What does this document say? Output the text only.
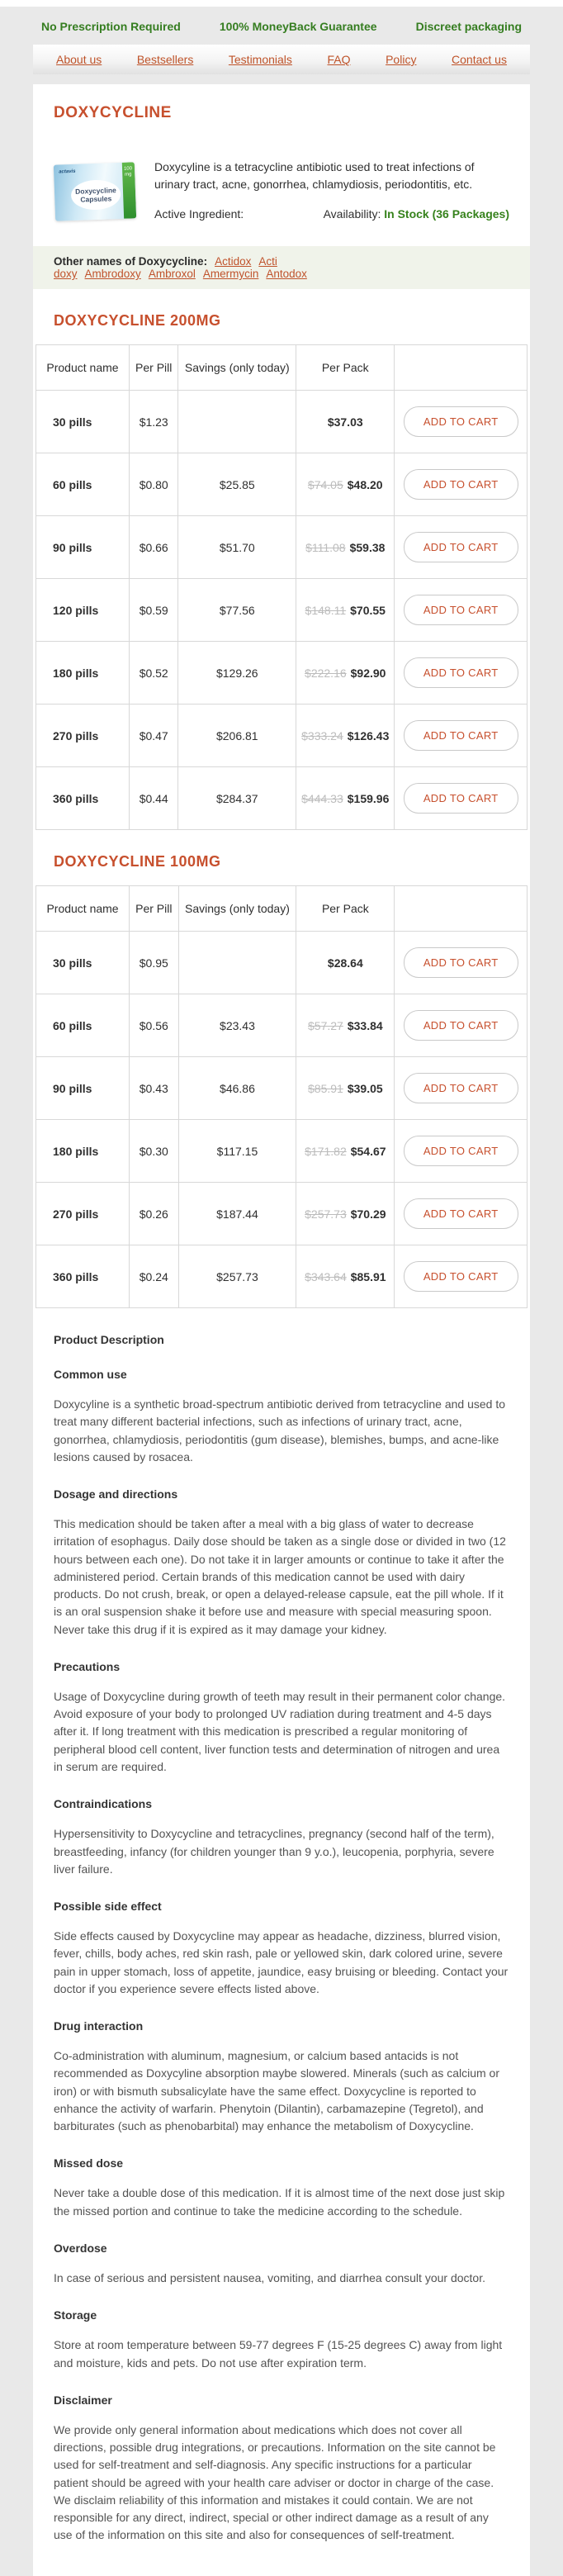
No Prescription Required	100% MoneyBack Guarantee	Discreet packaging
About us	Bestsellers	Testimonials	FAQ	Policy	Contact us
DOXYCYCLINE
actavis
100 mg
Doxycycline
Capsules

Doxycyline is a tetracycline antibiotic used to treat infections of urinary tract, acne, gonorrhea, chlamydiosis, periodontitis, etc.

Active Ingredient:	Availability: In Stock (36 Packages)
Other names of Doxycycline: Actidox Acti doxy Ambrodoxy Ambroxol Amermycin Antodox
DOXYCYCLINE 200MG
Product name	Per Pill	Savings (only today)	Per Pack	
30 pills	$1.23		$37.03	ADD TO CART
60 pills	$0.80	$25.85	$74.05 $48.20	ADD TO CART
90 pills	$0.66	$51.70	$111.08 $59.38	ADD TO CART
120 pills	$0.59	$77.56	$148.11 $70.55	ADD TO CART
180 pills	$0.52	$129.26	$222.16 $92.90	ADD TO CART
270 pills	$0.47	$206.81	$333.24 $126.43	ADD TO CART
360 pills	$0.44	$284.37	$444.33 $159.96	ADD TO CART
DOXYCYCLINE 100MG
Product name	Per Pill	Savings (only today)	Per Pack	
30 pills	$0.95		$28.64	ADD TO CART
60 pills	$0.56	$23.43	$57.27 $33.84	ADD TO CART
90 pills	$0.43	$46.86	$85.91 $39.05	ADD TO CART
180 pills	$0.30	$117.15	$171.82 $54.67	ADD TO CART
270 pills	$0.26	$187.44	$257.73 $70.29	ADD TO CART
360 pills	$0.24	$257.73	$343.64 $85.91	ADD TO CART
Product Description
Common use

Doxycyline is a synthetic broad-spectrum antibiotic derived from tetracycline and used to treat many different bacterial infections, such as infections of urinary tract, acne, gonorrhea, chlamydiosis, periodontitis (gum disease), blemishes, bumps, and acne-like lesions caused by rosacea.

Dosage and directions

This medication should be taken after a meal with a big glass of water to decrease irritation of esophagus. Daily dose should be taken as a single dose or divided in two (12 hours between each one). Do not take it in larger amounts or continue to take it after the administered period. Certain brands of this medication cannot be used with dairy products. Do not crush, break, or open a delayed-release capsule, eat the pill whole. If it is an oral suspension shake it before use and measure with special measuring spoon. Never take this drug if it is expired as it may damage your kidney.

Precautions

Usage of Doxycycline during growth of teeth may result in their permanent color change. Avoid exposure of your body to prolonged UV radiation during treatment and 4-5 days after it. If long treatment with this medication is prescribed a regular monitoring of peripheral blood cell content, liver function tests and determination of nitrogen and urea in serum are required.

Contraindications

Hypersensitivity to Doxycycline and tetracyclines, pregnancy (second half of the term), breastfeeding, infancy (for children younger than 9 y.o.), leucopenia, porphyria, severe liver failure.

Possible side effect

Side effects caused by Doxycycline may appear as headache, dizziness, blurred vision, fever, chills, body aches, red skin rash, pale or yellowed skin, dark colored urine, severe pain in upper stomach, loss of appetite, jaundice, easy bruising or bleeding. Contact your doctor if you experience severe effects listed above.

Drug interaction

Co-administration with aluminum, magnesium, or calcium based antacids is not recommended as Doxycyline absorption maybe slowered. Minerals (such as calcium or iron) or with bismuth subsalicylate have the same effect. Doxycycline is reported to enhance the activity of warfarin. Phenytoin (Dilantin), carbamazepine (Tegretol), and barbiturates (such as phenobarbital) may enhance the metabolism of Doxycycline.

Missed dose

Never take a double dose of this medication. If it is almost time of the next dose just skip the missed portion and continue to take the medicine according to the schedule.

Overdose

In case of serious and persistent nausea, vomiting, and diarrhea consult your doctor.

Storage

Store at room temperature between 59-77 degrees F (15-25 degrees C) away from light and moisture, kids and pets. Do not use after expiration term.

Disclaimer

We provide only general information about medications which does not cover all directions, possible drug integrations, or precautions. Information on the site cannot be used for self-treatment and self-diagnosis. Any specific instructions for a particular patient should be agreed with your health care adviser or doctor in charge of the case. We disclaim reliability of this information and mistakes it could contain. We are not responsible for any direct, indirect, special or other indirect damage as a result of any use of the information on this site and also for consequences of self-treatment.
